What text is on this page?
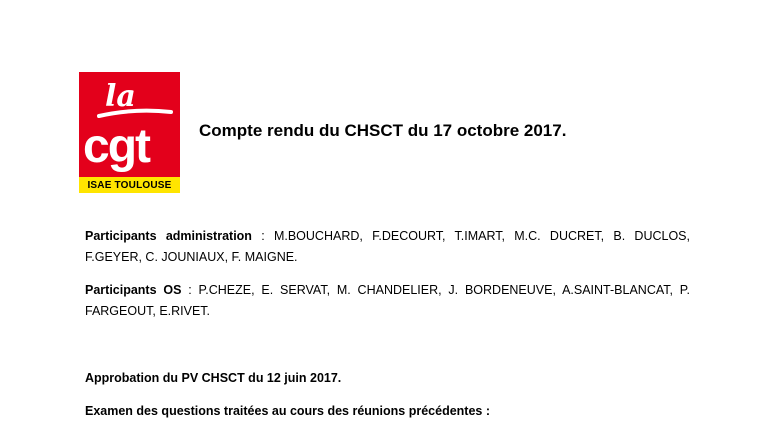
la
cgt
ISAE TOULOUSE
Compte rendu du CHSCT du 17 octobre 2017.
Participants administration : M.BOUCHARD, F.DECOURT, T.IMART, M.C. DUCRET, B. DUCLOS, F.GEYER, C. JOUNIAUX, F. MAIGNE.
Participants OS : P.CHEZE, E. SERVAT, M. CHANDELIER, J. BORDENEUVE, A.SAINT-BLANCAT, P. FARGEOUT, E.RIVET.
Approbation du PV CHSCT du 12 juin 2017.
Examen des questions traitées au cours des réunions précédentes :
